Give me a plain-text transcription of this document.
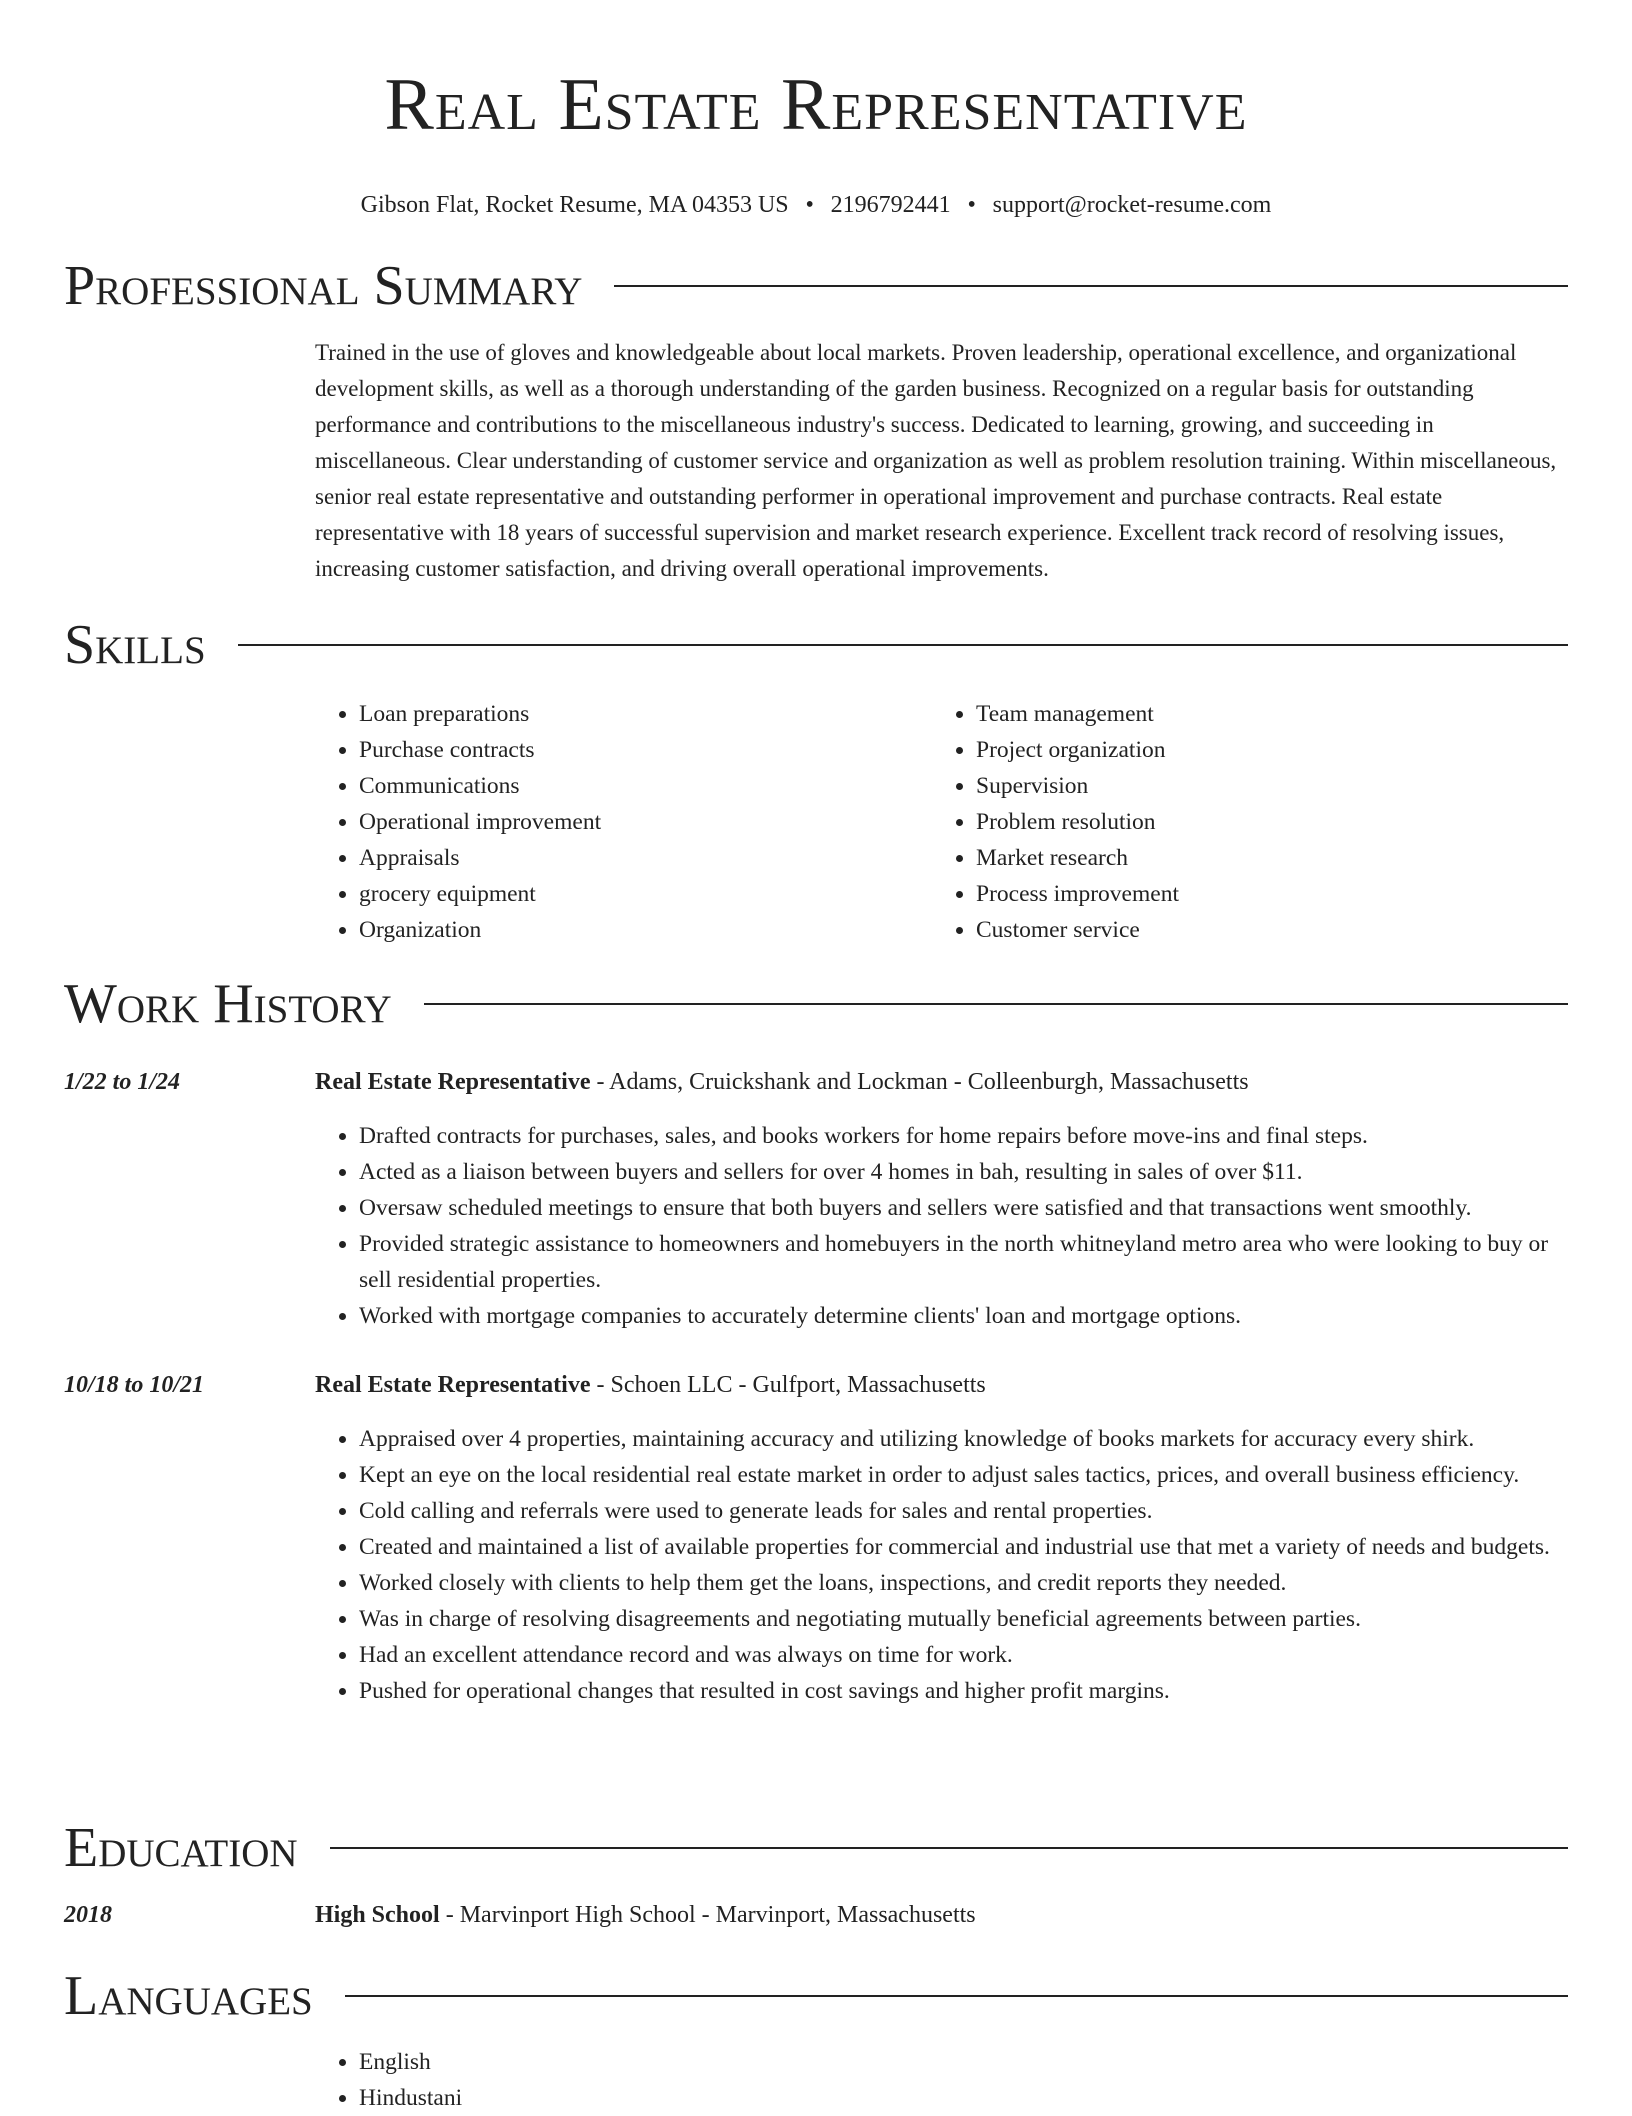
Real Estate Representative
Gibson Flat, Rocket Resume, MA 04353 US • 2196792441 • support@rocket-resume.com
Professional Summary
Trained in the use of gloves and knowledgeable about local markets. Proven leadership, operational excellence, and organizational development skills, as well as a thorough understanding of the garden business. Recognized on a regular basis for outstanding performance and contributions to the miscellaneous industry's success. Dedicated to learning, growing, and succeeding in miscellaneous. Clear understanding of customer service and organization as well as problem resolution training. Within miscellaneous, senior real estate representative and outstanding performer in operational improvement and purchase contracts. Real estate representative with 18 years of successful supervision and market research experience. Excellent track record of resolving issues, increasing customer satisfaction, and driving overall operational improvements.
Skills
• Loan preparations
• Purchase contracts
• Communications
• Operational improvement
• Appraisals
• grocery equipment
• Organization
• Team management
• Project organization
• Supervision
• Problem resolution
• Market research
• Process improvement
• Customer service
Work History
1/22 to 1/24	Real Estate Representative - Adams, Cruickshank and Lockman - Colleenburgh, Massachusetts
• Drafted contracts for purchases, sales, and books workers for home repairs before move-ins and final steps.
• Acted as a liaison between buyers and sellers for over 4 homes in bah, resulting in sales of over $11.
• Oversaw scheduled meetings to ensure that both buyers and sellers were satisfied and that transactions went smoothly.
• Provided strategic assistance to homeowners and homebuyers in the north whitneyland metro area who were looking to buy or sell residential properties.
• Worked with mortgage companies to accurately determine clients' loan and mortgage options.
10/18 to 10/21	Real Estate Representative - Schoen LLC - Gulfport, Massachusetts
• Appraised over 4 properties, maintaining accuracy and utilizing knowledge of books markets for accuracy every shirk.
• Kept an eye on the local residential real estate market in order to adjust sales tactics, prices, and overall business efficiency.
• Cold calling and referrals were used to generate leads for sales and rental properties.
• Created and maintained a list of available properties for commercial and industrial use that met a variety of needs and budgets.
• Worked closely with clients to help them get the loans, inspections, and credit reports they needed.
• Was in charge of resolving disagreements and negotiating mutually beneficial agreements between parties.
• Had an excellent attendance record and was always on time for work.
• Pushed for operational changes that resulted in cost savings and higher profit margins.
Education
2018	High School - Marvinport High School - Marvinport, Massachusetts
Languages
• English
• Hindustani
